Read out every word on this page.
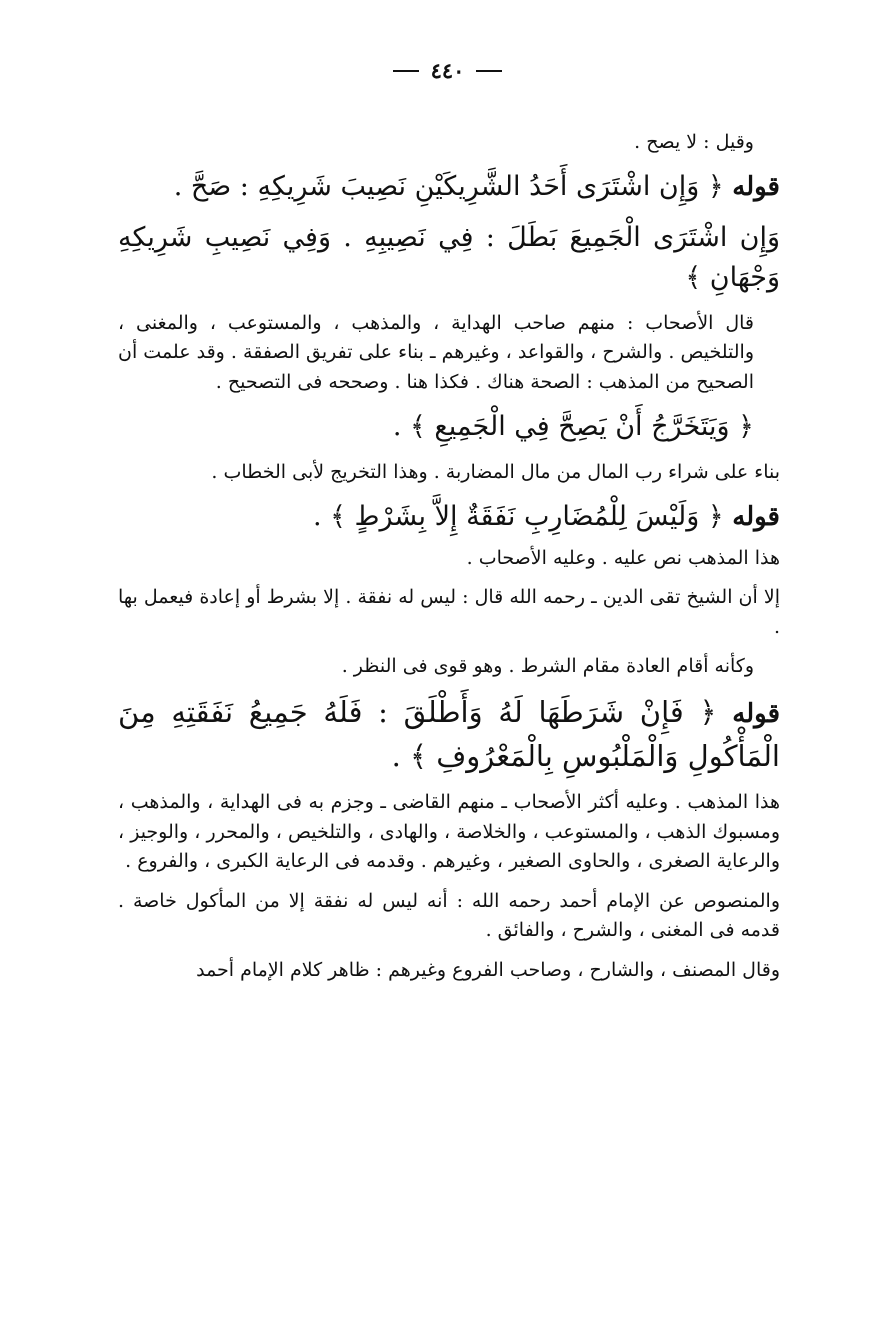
٤٤٠

وقيل : لا يصح .

قوله ﴿ وَإِن اشْتَرَى أَحَدُ الشَّرِيكَيْنِ نَصِيبَ شَرِيكِهِ : صَحَّ .

وَإِن اشْتَرَى الْجَمِيعَ بَطَلَ : فِي نَصِيبِهِ . وَفِي نَصِيبِ شَرِيكِهِ وَجْهَانِ ﴾

قال الأصحاب : منهم صاحب الهداية ، والمذهب ، والمستوعب ، والمغنى ، والتلخيص . والشرح ، والقواعد ، وغيرهم ـ بناء على تفريق الصفقة . وقد علمت أن الصحيح من المذهب : الصحة هناك . فكذا هنا . وصححه فى التصحيح .

﴿ وَيَتَخَرَّجُ أَنْ يَصِحَّ فِي الْجَمِيعِ ﴾ .

بناء على شراء رب المال من مال المضاربة . وهذا التخريج لأبى الخطاب .

قوله ﴿ وَلَيْسَ لِلْمُضَارِبِ نَفَقَةٌ إِلاَّ بِشَرْطٍ ﴾ .

هذا المذهب نص عليه . وعليه الأصحاب .

إلا أن الشيخ تقى الدين ـ رحمه الله قال : ليس له نفقة . إلا بشرط أو إعادة فيعمل بها .

وكأنه أقام العادة مقام الشرط . وهو قوى فى النظر .

قوله ﴿ فَإِنْ شَرَطَهَا لَهُ وَأَطْلَقَ : فَلَهُ جَمِيعُ نَفَقَتِهِ مِنَ الْمَأْكُولِ وَالْمَلْبُوسِ بِالْمَعْرُوفِ ﴾ .

هذا المذهب . وعليه أكثر الأصحاب ـ منهم القاضى ـ وجزم به فى الهداية ، والمذهب ، ومسبوك الذهب ، والمستوعب ، والخلاصة ، والهادى ، والتلخيص ، والمحرر ، والوجيز ، والرعاية الصغرى ، والحاوى الصغير ، وغيرهم . وقدمه فى الرعاية الكبرى ، والفروع .

والمنصوص عن الإمام أحمد رحمه الله : أنه ليس له نفقة إلا من المأكول خاصة . قدمه فى المغنى ، والشرح ، والفائق .

وقال المصنف ، والشارح ، وصاحب الفروع وغيرهم : ظاهر كلام الإمام أحمد
